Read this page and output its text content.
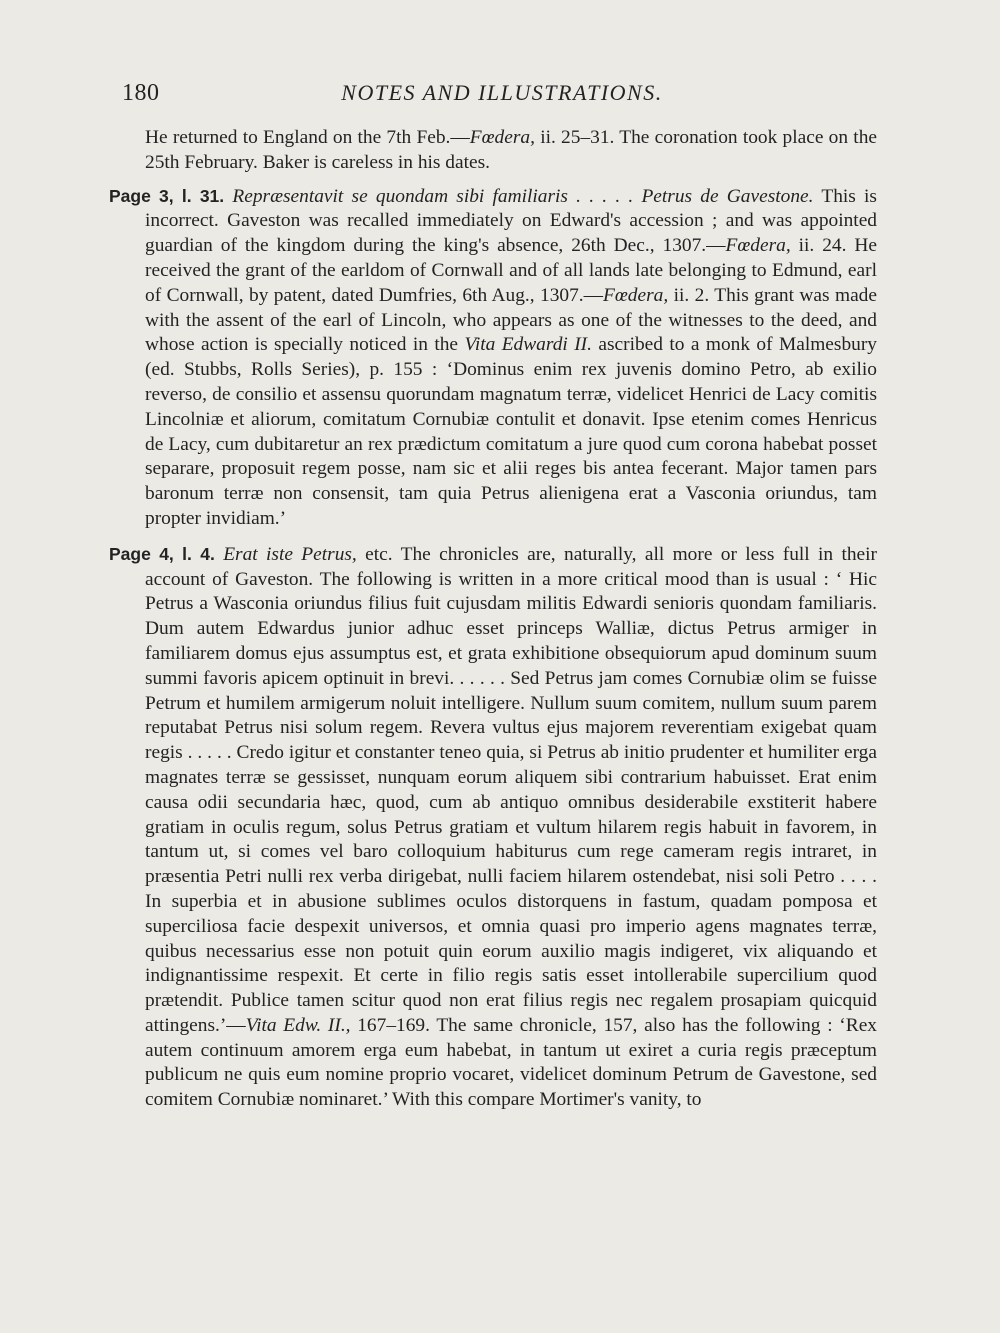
180	NOTES AND ILLUSTRATIONS.

He returned to England on the 7th Feb.—Fœdera, ii. 25–31. The coronation took place on the 25th February. Baker is careless in his dates.

Page 3, l. 31. Repræsentavit se quondam sibi familiaris . . . . . Petrus de Gavestone. This is incorrect. Gaveston was recalled immediately on Edward's accession ; and was appointed guardian of the kingdom during the king's absence, 26th Dec., 1307.—Fœdera, ii. 24. He received the grant of the earldom of Cornwall and of all lands late belonging to Edmund, earl of Cornwall, by patent, dated Dumfries, 6th Aug., 1307.—Fœdera, ii. 2. This grant was made with the assent of the earl of Lincoln, who appears as one of the witnesses to the deed, and whose action is specially noticed in the Vita Edwardi II. ascribed to a monk of Malmesbury (ed. Stubbs, Rolls Series), p. 155 : ‘Dominus enim rex juvenis domino Petro, ab exilio reverso, de consilio et assensu quorundam magnatum terræ, videlicet Henrici de Lacy comitis Lincolniæ et aliorum, comitatum Cornubiæ contulit et donavit. Ipse etenim comes Henricus de Lacy, cum dubitaretur an rex prædictum comitatum a jure quod cum corona habebat posset separare, proposuit regem posse, nam sic et alii reges bis antea fecerant. Major tamen pars baronum terræ non consensit, tam quia Petrus alienigena erat a Vasconia oriundus, tam propter invidiam.’

Page 4, l. 4. Erat iste Petrus, etc. The chronicles are, naturally, all more or less full in their account of Gaveston. The following is written in a more critical mood than is usual : ‘ Hic Petrus a Wasconia oriundus filius fuit cujusdam militis Edwardi senioris quondam familiaris. Dum autem Edwardus junior adhuc esset princeps Walliæ, dictus Petrus armiger in familiarem domus ejus assumptus est, et grata exhibitione obsequiorum apud dominum suum summi favoris apicem optinuit in brevi. . . . . . Sed Petrus jam comes Cornubiæ olim se fuisse Petrum et humilem armigerum noluit intelligere. Nullum suum comitem, nullum suum parem reputabat Petrus nisi solum regem. Revera vultus ejus majorem reverentiam exigebat quam regis . . . . . Credo igitur et constanter teneo quia, si Petrus ab initio prudenter et humiliter erga magnates terræ se gessisset, nunquam eorum aliquem sibi contrarium habuisset. Erat enim causa odii secundaria hæc, quod, cum ab antiquo omnibus desiderabile exstiterit habere gratiam in oculis regum, solus Petrus gratiam et vultum hilarem regis habuit in favorem, in tantum ut, si comes vel baro colloquium habiturus cum rege cameram regis intraret, in præsentia Petri nulli rex verba dirigebat, nulli faciem hilarem ostendebat, nisi soli Petro . . . . In superbia et in abusione sublimes oculos distorquens in fastum, quadam pomposa et superciliosa facie despexit universos, et omnia quasi pro imperio agens magnates terræ, quibus necessarius esse non potuit quin eorum auxilio magis indigeret, vix aliquando et indignantissime respexit. Et certe in filio regis satis esset intollerabile supercilium quod prætendit. Publice tamen scitur quod non erat filius regis nec regalem prosapiam quicquid attingens.’—Vita Edw. II., 167–169. The same chronicle, 157, also has the following : ‘Rex autem continuum amorem erga eum habebat, in tantum ut exiret a curia regis præceptum publicum ne quis eum nomine proprio vocaret, videlicet dominum Petrum de Gavestone, sed comitem Cornubiæ nominaret.’ With this compare Mortimer's vanity, to
